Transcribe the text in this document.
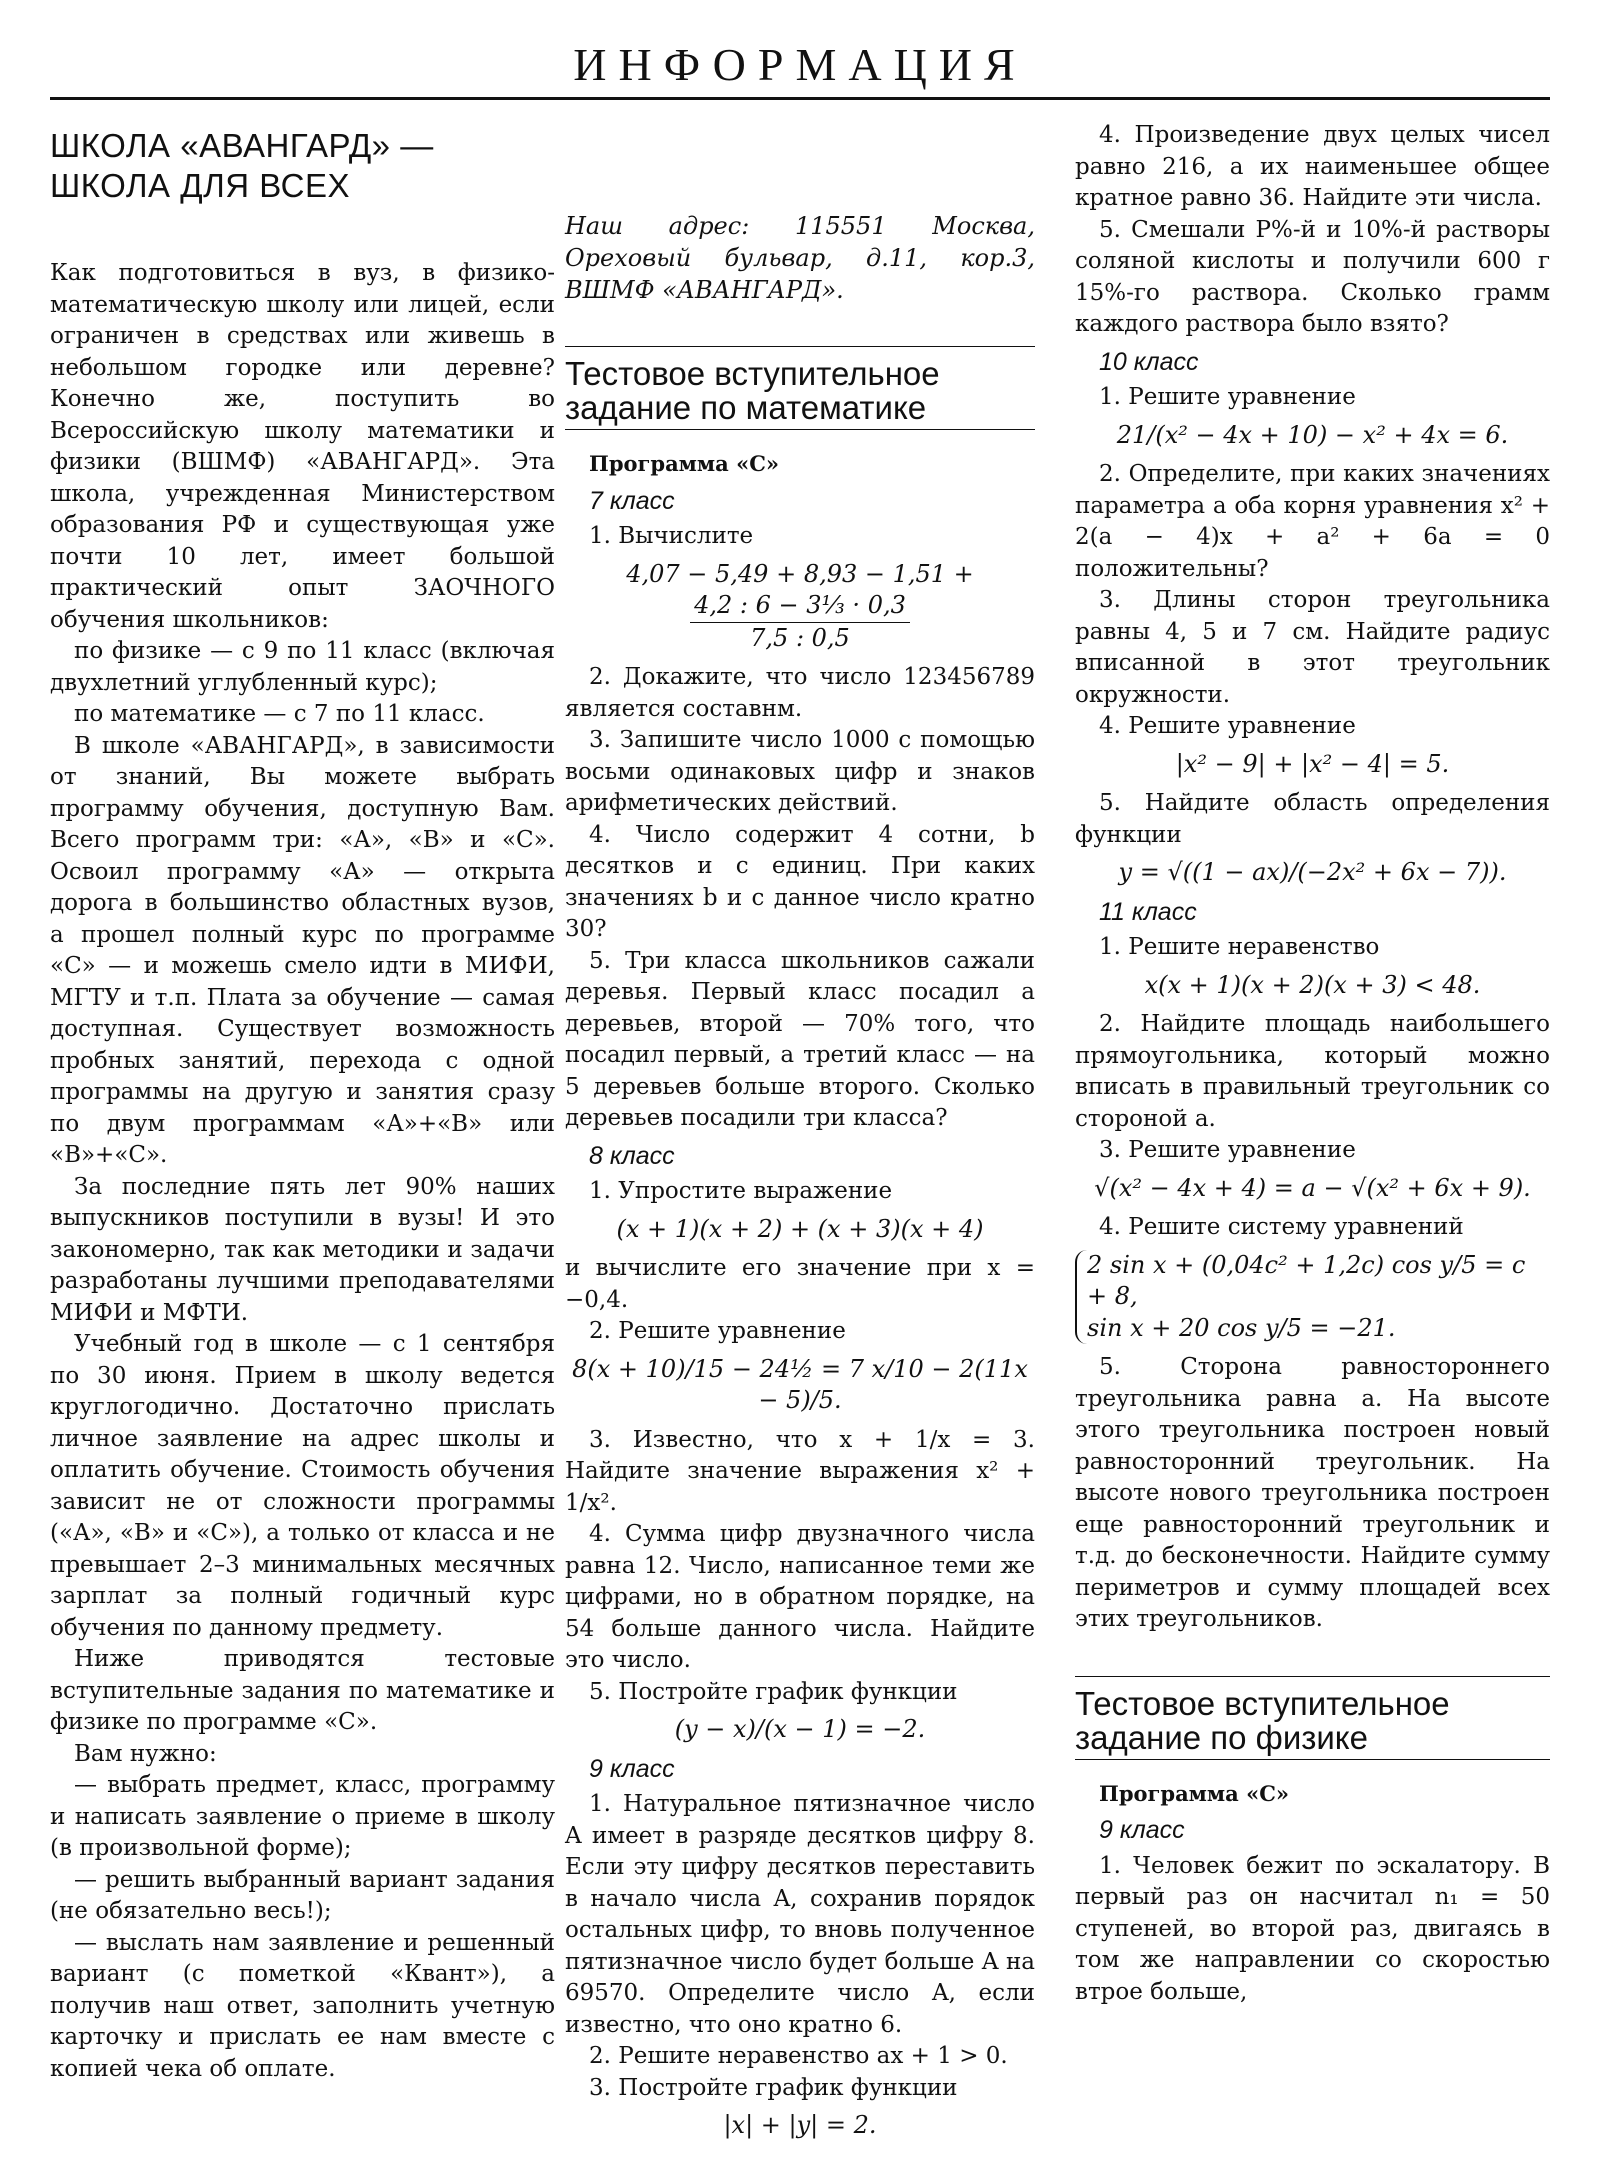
ИНФОРМАЦИЯ
ШКОЛА «АВАНГАРД» — ШКОЛА ДЛЯ ВСЕХ

Как подготовиться в вуз, в физико-математическую школу или лицей, если ограничен в средствах или живешь в небольшом городке или деревне? Конечно же, поступить во Всероссийскую школу математики и физики (ВШМФ) «АВАНГАРД». Эта школа, учрежденная Министерством образования РФ и существующая уже почти 10 лет, имеет большой практический опыт ЗАОЧНОГО обучения школьников:

по физике — с 9 по 11 класс (включая двухлетний углубленный курс);

по математике — с 7 по 11 класс.

В школе «АВАНГАРД», в зависимости от знаний, Вы можете выбрать программу обучения, доступную Вам. Всего программ три: «А», «В» и «С». Освоил программу «А» — открыта дорога в большинство областных вузов, а прошел полный курс по программе «С» — и можешь смело идти в МИФИ, МГТУ и т.п. Плата за обучение — самая доступная. Существует возможность пробных занятий, перехода с одной программы на другую и занятия сразу по двум программам «А»+«В» или «В»+«С».

За последние пять лет 90% наших выпускников поступили в вузы! И это закономерно, так как методики и задачи разработаны лучшими преподавателями МИФИ и МФТИ.

Учебный год в школе — с 1 сентября по 30 июня. Прием в школу ведется круглогодично. Достаточно прислать личное заявление на адрес школы и оплатить обучение. Стоимость обучения зависит не от сложности программы («А», «В» и «С»), а только от класса и не превышает 2–3 минимальных месячных зарплат за полный годичный курс обучения по данному предмету.

Ниже приводятся тестовые вступительные задания по математике и физике по программе «С».

Вам нужно:

— выбрать предмет, класс, программу и написать заявление о приеме в школу (в произвольной форме);

— решить выбранный вариант задания (не обязательно весь!);

— выслать нам заявление и решенный вариант (с пометкой «Квант»), а получив наш ответ, заполнить учетную карточку и прислать ее нам вместе с копией чека об оплате.

Наш адрес: 115551 Москва, Ореховый бульвар, д.11, кор.3, ВШМФ «АВАНГАРД».

Тестовое вступительное задание по математике

Программа «С»

7 класс

1. Вычислите

4,07 − 5,49 + 8,93 − 1,51 +
$\frac{\text{4,2 : 6 − 3⅓ · 0,3}}{7,5 : 0,5}$

2. Докажите, что число 123456789 является составнм.

3. Запишите число 1000 с помощью восьми одинаковых цифр и знаков арифметических действий.

4. Число содержит 4 сотни, b десятков и c единиц. При каких значениях b и c данное число кратно 30?

5. Три класса школьников сажали деревья. Первый класс посадил a деревьев, второй — 70% того, что посадил первый, а третий класс — на 5 деревьев больше второго. Сколько деревьев посадили три класса?

8 класс

1. Упростите выражение

(x + 1)(x + 2) + (x + 3)(x + 4)

и вычислите его значение при x = −0,4.

2. Решите уравнение

8(x + 10)/15 − 24½ = 7 x/10 − 2(11x − 5)/5.

3. Известно, что x + 1/x = 3. Найдите значение выражения x² + 1/x².

4. Сумма цифр двузначного числа равна 12. Число, написанное теми же цифрами, но в обратном порядке, на 54 больше данного числа. Найдите это число.

5. Постройте график функции

(y − x)/(x − 1) = −2.
9 класс

1. Натуральное пятизначное число A имеет в разряде десятков цифру 8. Если эту цифру десятков переставить в начало числа A, сохранив порядок остальных цифр, то вновь полученное пятизначное число будет больше A на 69570. Определите число A, если известно, что оно кратно 6.

2. Решите неравенство ax + 1 > 0.

3. Постройте график функции

|x| + |y| = 2.

4. Произведение двух целых чисел равно 216, а их наименьшее общее кратное равно 36. Найдите эти числа.

5. Смешали P%-й и 10%-й растворы соляной кислоты и получили 600 г 15%-го раствора. Сколько грамм каждого раствора было взято?

10 класс

1. Решите уравнение

21/(x² − 4x + 10) − x² + 4x = 6.

2. Определите, при каких значениях параметра a оба корня уравнения x² + 2(a − 4)x + a² + 6a = 0 положительны?

3. Длины сторон треугольника равны 4, 5 и 7 см. Найдите радиус вписанной в этот треугольник окружности.

4. Решите уравнение

|x² − 9| + |x² − 4| = 5.

5. Найдите область определения функции

y = √((1 − ax)/(−2x² + 6x − 7)).
11 класс

1. Решите неравенство

x(x + 1)(x + 2)(x + 3) < 48.

2. Найдите площадь наибольшего прямоугольника, который можно вписать в правильный треугольник со стороной a.

3. Решите уравнение

√(x² − 4x + 4) = a − √(x² + 6x + 9).

4. Решите систему уравнений

2 sin x + (0,04c² + 1,2c) cos y/5 = c + 8,
sin x + 20 cos y/5 = −21.

5. Сторона равностороннего треугольника равна a. На высоте этого треугольника построен новый равносторонний треугольник. На высоте нового треугольника построен еще равносторонний треугольник и т.д. до бесконечности. Найдите сумму периметров и сумму площадей всех этих треугольников.

Тестовое вступительное задание по физике

Программа «С»

9 класс

1. Человек бежит по эскалатору. В первый раз он насчитал n₁ = 50 ступеней, во второй раз, двигаясь в том же направлении со скоростью втрое больше,
